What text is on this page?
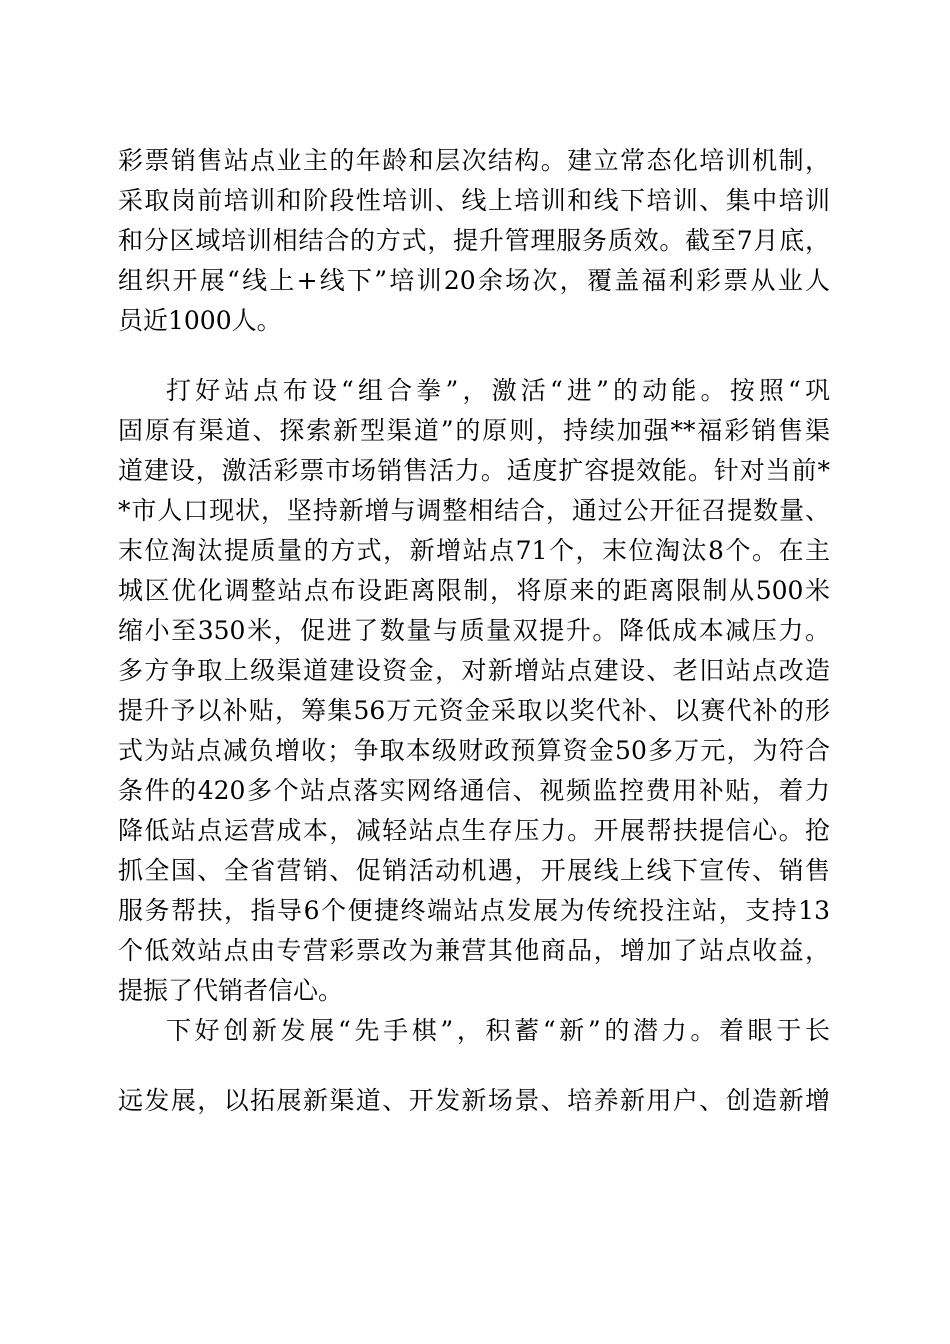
彩票销售站点业主的年龄和层次结构。建立常态化培训机制，
采取岗前培训和阶段性培训、线上培训和线下培训、集中培训
和分区域培训相结合的方式，提升管理服务质效。截至7月底，
组织开展“线上+线下”培训20余场次，覆盖福利彩票从业人
员近1000人。
打好站点布设“组合拳”，激活“进”的动能。按照“巩
固原有渠道、探索新型渠道”的原则，持续加强**福彩销售渠
道建设，激活彩票市场销售活力。适度扩容提效能。针对当前*
*市人口现状，坚持新增与调整相结合，通过公开征召提数量、
末位淘汰提质量的方式，新增站点71个，末位淘汰8个。在主
城区优化调整站点布设距离限制，将原来的距离限制从500米
缩小至350米，促进了数量与质量双提升。降低成本减压力。
多方争取上级渠道建设资金，对新增站点建设、老旧站点改造
提升予以补贴，筹集56万元资金采取以奖代补、以赛代补的形
式为站点减负增收；争取本级财政预算资金50多万元，为符合
条件的420多个站点落实网络通信、视频监控费用补贴，着力
降低站点运营成本，减轻站点生存压力。开展帮扶提信心。抢
抓全国、全省营销、促销活动机遇，开展线上线下宣传、销售
服务帮扶，指导6个便捷终端站点发展为传统投注站，支持13
个低效站点由专营彩票改为兼营其他商品，增加了站点收益，
提振了代销者信心。
下好创新发展“先手棋”，积蓄“新”的潜力。着眼于长
远发展，以拓展新渠道、开发新场景、培养新用户、创造新增
